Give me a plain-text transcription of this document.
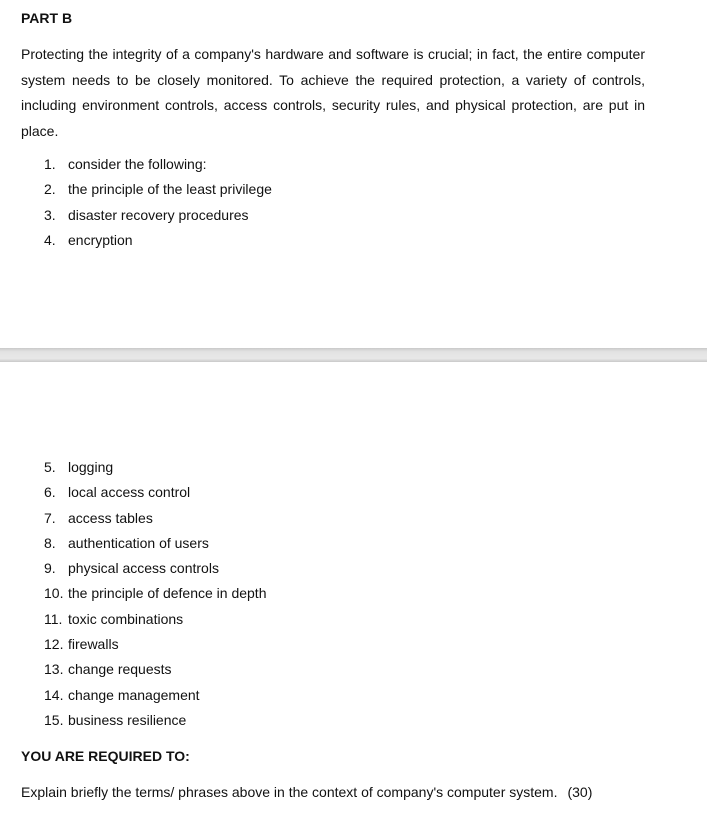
PART B

Protecting the integrity of a company's hardware and software is crucial; in fact, the entire computer system needs to be closely monitored. To achieve the required protection, a variety of controls, including environment controls, access controls, security rules, and physical protection, are put in place.

1. consider the following:
2. the principle of the least privilege
3. disaster recovery procedures
4. encryption
5. logging
6. local access control
7. access tables
8. authentication of users
9. physical access controls
10. the principle of defence in depth
11. toxic combinations
12. firewalls
13. change requests
14. change management
15. business resilience
YOU ARE REQUIRED TO:

Explain briefly the terms/ phrases above in the context of company's computer system. (30)
